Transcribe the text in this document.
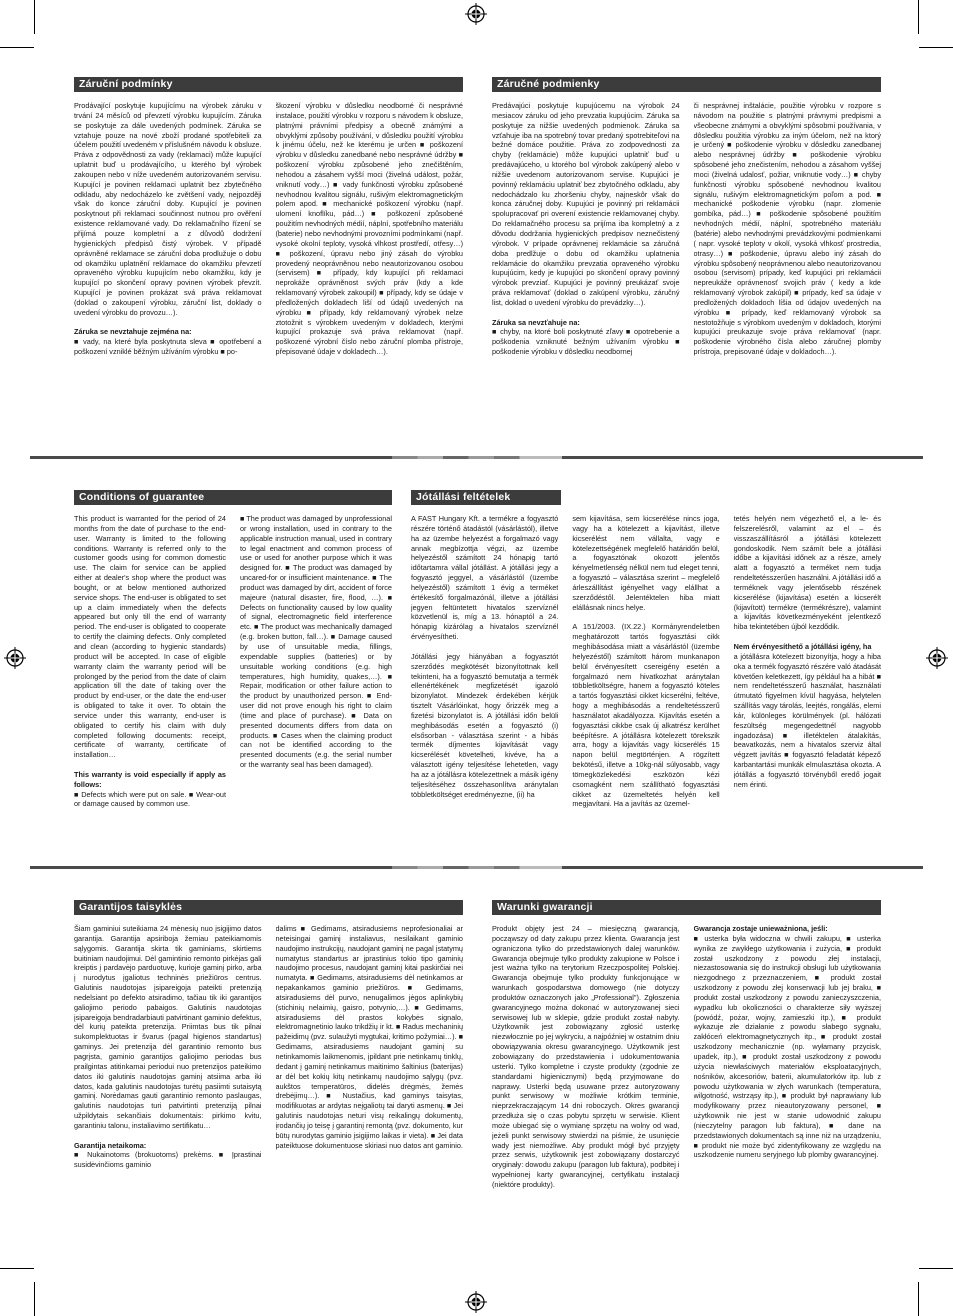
Záruční podmínky
Prodávající poskytuje kupujícímu na výrobek záruku v trvání 24 měsíců od převzetí výrobku kupujícím. Záruka se poskytuje za dále uvedených podmínek. Záruka se vztahuje pouze na nové zboží prodané spotřebiteli za účelem použití uvedeném v příslušném návodu k obsluze. Práva z odpovědnosti za vady (reklamaci) může kupující uplatnit buď u prodávajícího, u kterého byl výrobek zakoupen nebo v níže uvedeném autorizovaném servisu. Kupující je povinen reklamaci uplatnit bez zbytečného odkladu, aby nedocházelo ke zvětšení vady, nejpozději však do konce záruční doby. Kupující je povinen poskytnout při reklamaci součinnost nutnou pro ověření existence reklamované vady. Do reklamačního řízení se přijímá pouze kompletní a z důvodů dodržení hygienických předpisů čistý výrobek. V případě oprávněné reklamace se záruční doba prodlužuje o dobu od okamžiku uplatnění reklamace do okamžiku převzetí opraveného výrobku kupujícím nebo okamžiku, kdy je kupující po skončení opravy povinen výrobek převzít. Kupující je povinen prokázat svá práva reklamovat (doklad o zakoupení výrobku, záruční list, doklady o uvedení výrobku do provozu…).

Záruka se nevztahuje zejména na:
■ vady, na které byla poskytnuta sleva ■ opotřebení a poškození vzniklé běžným užíváním výrobku ■ po-
škození výrobku v důsledku neodborné či nesprávné instalace, použití výrobku v rozporu s návodem k obsluze, platnými právními předpisy a obecně známými a obvyklými způsoby používání, v důsledku použití výrobku k jinému účelu, než ke kterému je určen ■ poškození výrobku v důsledku zanedbané nebo nesprávné údržby ■ poškození výrobku způsobené jeho znečištěním, nehodou a zásahem vyšší moci (živelná událost, požár, vniknutí vody…) ■ vady funkčnosti výrobku způsobené nevhodnou kvalitou signálu, rušivým elektromagnetickým polem apod. ■ mechanické poškození výrobku (např. ulomení knoflíku, pád…) ■ poškození způsobené použitím nevhodných médií, náplní, spotřebního materiálu (baterie) nebo nevhodnými provozními podmínkami (např. vysoké okolní teploty, vysoká vlhkost prostředí, otřesy…) ■ poškození, úpravu nebo jiný zásah do výrobku provedený neoprávněnou nebo neautorizovanou osobou (servisem) ■ případy, kdy kupující při reklamaci neprokáže oprávněnost svých práv (kdy a kde reklamovaný výrobek zakoupil) ■ případy, kdy se údaje v předložených dokladech liší od údajů uvedených na výrobku ■ případy, kdy reklamovaný výrobek nelze ztotožnit s výrobkem uvedeným v dokladech, kterými kupující prokazuje svá práva reklamovat (např. poškozené výrobní číslo nebo záruční plomba přístroje, přepisované údaje v dokladech…).
Záručné podmienky
Predávajúci poskytuje kupujúcemu na výrobok 24 mesiacov záruku od jeho prevzatia kupujúcim. Záruka sa poskytuje za nižšie uvedených podmienok. Záruka sa vzťahuje iba na spotrebný tovar predaný spotrebiteľovi na bežné domáce použitie. Práva zo zodpovednosti za chyby (reklamácie) môže kupujúci uplatniť buď u predávajúceho, u ktorého bol výrobok zakúpený alebo v nižšie uvedenom autorizovanom servise. Kupujúci je povinný reklamáciu uplatniť bez zbytočného odkladu, aby nedochádzalo ku zhoršeniu chyby, najneskôr však do konca záručnej doby. Kupujúci je povinný pri reklamácii spolupracovať pri overení existencie reklamovanej chyby. Do reklamačného procesu sa prijíma iba kompletný a z dôvodu dodržania hygienických predpisov neznečistený výrobok. V prípade oprávnenej reklamácie sa záručná doba predlžuje o dobu od okamžiku uplatnenia reklamácie do okamžiku prevzatia opraveného výrobku kupujúcim, kedy je kupujúci po skončení opravy povinný výrobok prevziať. Kupujúci je povinný preukázať svoje práva reklamovať (doklad o zakúpení výrobku, záručný list, doklad o uvedení výrobku do prevádzky…).

Záruka sa nevzťahuje na:
■ chyby, na ktoré boli poskytnuté zľavy ■ opotrebenie a poškodenia vzniknuté bežným užívaním výrobku ■ poškodenie výrobku v dôsledku neodbornej
či nesprávnej inštalácie, použitie výrobku v rozpore s návodom na použitie s platnými právnymi predpismi a všeobecne známymi a obvyklými spôsobmi používania, v dôsledku použitia výrobku za iným účelom, než na ktorý je určený ■ poškodenie výrobku v dôsledku zanedbanej alebo nesprávnej údržby ■ poškodenie výrobku spôsobené jeho znečistením, nehodou a zásahom vyššej moci (živelná udalosť, požiar, vniknutie vody…) ■ chyby funkčnosti výrobku spôsobené nevhodnou kvalitou signálu, rušivým elektromagnetickým poľom a pod. ■ mechanické poškodenie výrobku (napr. zlomenie gombíka, pád…) ■ poškodenie spôsobené použitím nevhodných médií, náplní, spotrebného materiálu (batérie) alebo nevhodnými prevádzkovými podmienkami ( napr. vysoké teploty v okolí, vysoká vlhkosť prostredia, otrasy…) ■ poškodenie, úpravu alebo iný zásah do výrobku spôsobený neoprávnenou alebo neautorizovanou osobou (servisom) prípady, keď kupujúci pri reklamácii nepreukáže oprávnenosť svojich práv ( kedy a kde reklamovaný výrobok zakúpil) ■ prípady, keď sa údaje v predložených dokladoch líšia od údajov uvedených na výrobku ■ prípady, keď reklamovaný výrobok sa nestotožňuje s výrobkom uvedeným v dokladoch, ktorými kupujúci preukazuje svoje práva reklamovať (napr. poškodenie výrobného čísla alebo záručnej plomby prístroja, prepisované údaje v dokladoch…).
Conditions of guarantee
This product is warranted for the period of 24 months from the date of purchase to the end-user. Warranty is limited to the following conditions. Warranty is referred only to the customer goods using for common domestic use. The claim for service can be applied either at dealer's shop where the product was bought, or at below mentioned authorized service shops. The end-user is obligated to set up a claim immediately when the defects appeared but only till the end of warranty period. The end-user is obligated to cooperate to certify the claiming defects. Only completed and clean (according to hygienic standards) product will be accepted. In case of eligible warranty claim the warranty period will be prolonged by the period from the date of claim application till the date of taking over the product by end-user, or the date the end-user is obligated to take it over. To obtain the service under this warranty, end-user is obligated to certify his claim with duly completed following documents: receipt, certificate of warranty, certificate of installation…

This warranty is void especially if apply as follows:
■ Defects which were put on sale. ■ Wear-out or damage caused by common use.
■ The product was damaged by unprofessional or wrong installation, used in contrary to the applicable instruction manual, used in contrary to legal enactment and common process of use or used for another purpose which it was designed for. ■ The product was damaged by uncared-for or insufficient maintenance. ■ The product was damaged by dirt, accident of force majeure (natural disaster, fire, flood, …). ■ Defects on functionality caused by low quality of signal, electromagnetic field interference etc. ■ The product was mechanically damaged (e.g. broken button, fall…). ■ Damage caused by use of unsuitable media, fillings, expendable supplies (batteries) or by unsuitable working conditions (e.g. high temperatures, high humidity, quakes,…). ■ Repair, modification or other failure action to the product by unauthorized person. ■ End-user did not prove enough his right to claim (time and place of purchase). ■ Data on presented documents differs from data on products. ■ Cases when the claiming product can not be identified according to the presented documents (e.g. the serial number or the warranty seal has been damaged).
Jótállási feltételek
A FAST Hungary Kft. a termékre a fogyasztó részére történő átadástól (vásárlástól), illetve ha az üzembe helyezést a forgalmazó vagy annak megbízottja végzi, az üzembe helyezéstől számított 24 hónapig tartó időtartamra vállal jótállást. A jótállási jegy a fogyasztó jeggyel, a vásárlástól (üzembe helyezéstől) számított 1 évig a terméket értékesítő forgalmazónál, illetve a jótállási jegyen feltüntetett hivatalos szervíznél közvetlenül is, míg a 13. hónaptól a 24. hónapig kizárólag a hivatalos szervíznél érvényesítheti.

Jótállási jegy hiányában a fogyasztót szerződés megkötését bizonyítottnak kell tekinteni, ha a fogyasztó bemutatja a termék ellenértékének megfizetését igazoló bizonylatot. Mindezek érdekében kérjük tisztelt Vásárlóinkat, hogy őrizzék meg a fizetési bizonylatot is. A jótállási időn belüli meghibásodás esetén a fogyasztó (i) elsősorban - választása szerint - a hibás termék díjmentes kijavítását vagy kicserélését követelheti, kivéve, ha a választott igény teljesítése lehetetlen, vagy ha az a jótállásra kötelezettnek a másik igény teljesítéséhez összehasonlítva aránytalan többletköltséget eredményezne, (ii) ha
sem kijavítása, sem kicserélése nincs joga, vagy ha a kötelezett a kijavítást, illetve kicserélést nem vállalta, vagy e kötelezettségének megfelelő határidőn belül, a fogyasztónak okozott jelentős kényelmetlenség nélkül nem tud eleget tenni, a fogyasztó – választása szerint – megfelelő árleszállítást igényelhet vagy elállhat a szerződéstől. Jelentéktelen hiba miatt elállásnak nincs helye.

A 151/2003. (IX.22.) Kormányrendeletben meghatározott tartós fogyasztási cikk meghibásodása miatt a vásárlástól (üzembe helyezéstől) számított három munkanapon belül érvényesített csereigény esetén a forgalmazó nem hivatkozhat aránytalan többletköltségre, hanem a fogyasztó köteles a tartós fogyasztási cikket kicserélni, feltéve, hogy a meghibásodás a rendeltetésszerű használatot akadályozza. Kijavítás esetén a fogyasztási cikkbe csak új alkatrész kerülhet beépítésre. A jótállásra kötelezett törekszik arra, hogy a kijavítás vagy kicserélés 15 napon belül megtörténjen. A rögzített bekötésű, illetve a 10kg-nál súlyosabb, vagy tömegközlekedési eszközön kézi csomagként nem szállítható fogyasztási cikket az üzemeltetés helyén kell megjavítani. Ha a javítás az üzemel-
tetés helyén nem végezhető el, a le- és felszerelésről, valamint az el – és visszaszállításról a jótállási kötelezett gondoskodik. Nem számít bele a jótállási időbe a kijavítási időnek az a része, amely alatt a fogyasztó a terméket nem tudja rendeltetésszerűen használni. A jótállási idő a terméknek vagy jelentősebb részének kicserélése (kijavítása) esetén a kicserélt (kijavított) termékre (termékrészre), valamint a kijavítás következményeként jelentkező hiba tekintetében újból kezdődik.

Nem érvényesíthető a jótállási igény, ha
a jótállásra kötelezett bizonyítja, hogy a hiba oka a termék fogyasztó részére való átadását követően keletkezett, így például ha a hibát ■ nem rendeltetésszerű használat, használati útmutató figyelmen kívül hagyása, helytelen szállítás vagy tárolás, leejtés, rongálás, elemi kár, különleges körülmények (pl. hálózati feszültség megengedettnél nagyobb ingadozása) ■ illetéktelen átalakítás, beavatkozás, nem a hivatalos szerviz által végzett javítás ■ fogyasztó feladatát képező karbantartási munkák elmulasztása okozta. A jótállás a fogyasztó törvényből eredő jogait nem érinti.
Garantijos taisyklės
Šiam gaminiui suteikiama 24 mėnesių nuo įsigijimo datos garantija. Garantija apsiriboja žemiau pateikiamomis sąlygomis. Garantija skirta tik gaminiams, skirtiems buitiniam naudojimui. Dėl gamintinio remonto pirkėjas gali kreiptis į pardavėjo parduotuvę, kurioje gaminį pirko, arba į nurodytus įgaliotus techninės priežiūros centrus. Galutinis naudotojas įsipareigoja pateikti pretenziją nedelsiant po defekto atsiradimo, tačiau tik iki garantijos galiojimo periodo pabaigos. Galutinis naudotojas įsipareigoja bendradarbiauti patvirtinant gaminio defektus, dėl kurių pateikta pretenzija. Priimtas bus tik pilnai sukomplektuotas ir švarus (pagal higienos standartus) gaminys. Jei pretenzija dėl garantinio remonto bus pagrįsta, gaminio garantijos galiojimo periodas bus prailgintas atitinkamai periodui nuo pretenzijos pateikimo datos iki galutinis naudotojas gaminį atsiima arba iki datos, kada galutinis naudotojas turėtų pasiimti sutaisytą gaminį. Norėdamas gauti garantinio remonto paslaugas, galutinis naudotojas turi patvirtinti pretenziją pilnai užpildytais sekančiais dokumentais: pirkimo kvitu, garantiniu talonu, instaliavimo sertifikatu…

Garantija netaikoma:
■ Nukainotoms (brokuotoms) prekėms. ■ Įprastinai susidėvinčioms gaminio
dalims ■ Gedimams, atsiradusiems neprofesionaliai ar neteisingai gaminį instaliavus, nesilaikant gaminio naudojimo instrukcijų, naudojant gaminį ne pagal įstatymų numatytus standartus ar įprastinius tokio tipo gaminių naudojimo procesus, naudojant gaminį kitai paskirčiai nei numatyta. ■ Gedimams, atsiradusiems dėl netinkamos ar nepakankamos gaminio priežiūros. ■ Gedimams, atsiradusiems dėl purvo, nenugalimos jėgos aplinkybių (stichinių nelaimių, gaisro, potvynio,…). ■ Gedimams, atsiradusiems dėl prastos kokybės signalo, elektromagnetinio lauko trikdžių ir kt. ■ Radus mechaninių pažeidimų (pvz. sulaužyti mygtukai, kritimo požymiai…). ■ Gedimams, atsiradusiems naudojant gaminį su netinkamomis laikmenomis, įpildant prie netinkamų tinklų, dedant į gaminį netinkamus maitinimo šaltinius (baterijas) ar dėl bet kokių kitų netinkamų naudojimo sąlygų (pvz. aukštos temperatūros, didelės drėgmės, žemės drebėjimų…). ■ Nustačius, kad gaminys taisytas, modifikuotas ar ardytas neįgaliotų tai daryti asmenų. ■ Jei galutinis naudotojas neturi visų reikalingų dokumentų, įrodančių jo teisę į garantinį remontą (pvz. dokumento, kur būtų nurodytas gaminio įsigijimo laikas ir vieta). ■ Jei data pateiktuose dokumentuose skiriasi nuo datos ant gaminio.
Warunki gwarancji
Produkt objęty jest 24 – miesięczną gwarancją, począwszy od daty zakupu przez klienta. Gwarancja jest ograniczona tylko do przedstawionych dalej warunków. Gwarancja obejmuje tylko produkty zakupione w Polsce i jest ważna tylko na terytorium Rzeczpospolitej Polskiej. Gwarancja obejmuje tylko produkty funkcjonujące w warunkach gospodarstwa domowego (nie dotyczy produktów oznaczonych jako „Professional"). Zgłoszenia gwarancyjnego można dokonać w autoryzowanej sieci serwisowej lub w sklepie, gdzie produkt został nabyty. Użytkownik jest zobowiązany zgłosić usterkę niezwłocznie po jej wykryciu, a najpóźniej w ostatnim dniu obowiązywania okresu gwarancyjnego. Użytkownik jest zobowiązany do przedstawienia i udokumentowania usterki. Tylko kompletne i czyste produkty (zgodnie ze standardami higienicznymi) będą przyjmowane do naprawy. Usterki będą usuwane przez autoryzowany punkt serwisowy w możliwie krótkim terminie, nieprzekraczającym 14 dni roboczych. Okres gwarancji przedłuża się o czas pobytu sprzętu w serwisie. Klient może ubiegać się o wymianę sprzętu na wolny od wad, jeżeli punkt serwisowy stwierdzi na piśmie, że usunięcie wady jest niemożliwe. Aby produkt mógł być przyjęty przez serwis, użytkownik jest zobowiązany dostarczyć oryginały: dowodu zakupu (paragon lub faktura), podbitej i wypełnionej karty gwarancyjnej, certyfikatu instalacji (niektóre produkty).
Gwarancja zostaje unieważniona, jeśli:
■ usterka była widoczna w chwili zakupu, ■ usterka wynika ze zwykłego użytkowania i zużycia, ■ produkt został uszkodzony z powodu złej instalacji, niezastosowania się do instrukcji obsługi lub użytkowania niezgodnego z przeznaczeniem, ■ produkt został uszkodzony z powodu złej konserwacji lub jej braku, ■ produkt został uszkodzony z powodu zanieczyszczenia, wypadku lub okoliczności o charakterze siły wyższej (powódź, pożar, wojny, zamieszki itp.), ■ produkt wykazuje złe działanie z powodu słabego sygnału, zakłóceń elektromagnetycznych itp., ■ produkt został uszkodzony mechanicznie (np. wyłamany przycisk, upadek, itp.), ■ produkt został uszkodzony z powodu użycia niewłaściwych materiałów eksploatacyjnych, nośników, akcesoriów, baterii, akumulatorków itp. lub z powodu użytkowania w złych warunkach (temperatura, wilgotność, wstrząsy itp.), ■ produkt był naprawiany lub modyfikowany przez nieautoryzowany personel, ■ użytkownik nie jest w stanie udowodnić zakupu (nieczytelny paragon lub faktura), ■ dane na przedstawionych dokumentach są inne niż na urządzeniu, ■ produkt nie może być zidentyfikowany ze względu na uszkodzenie numeru seryjnego lub plomby gwarancyjnej.
